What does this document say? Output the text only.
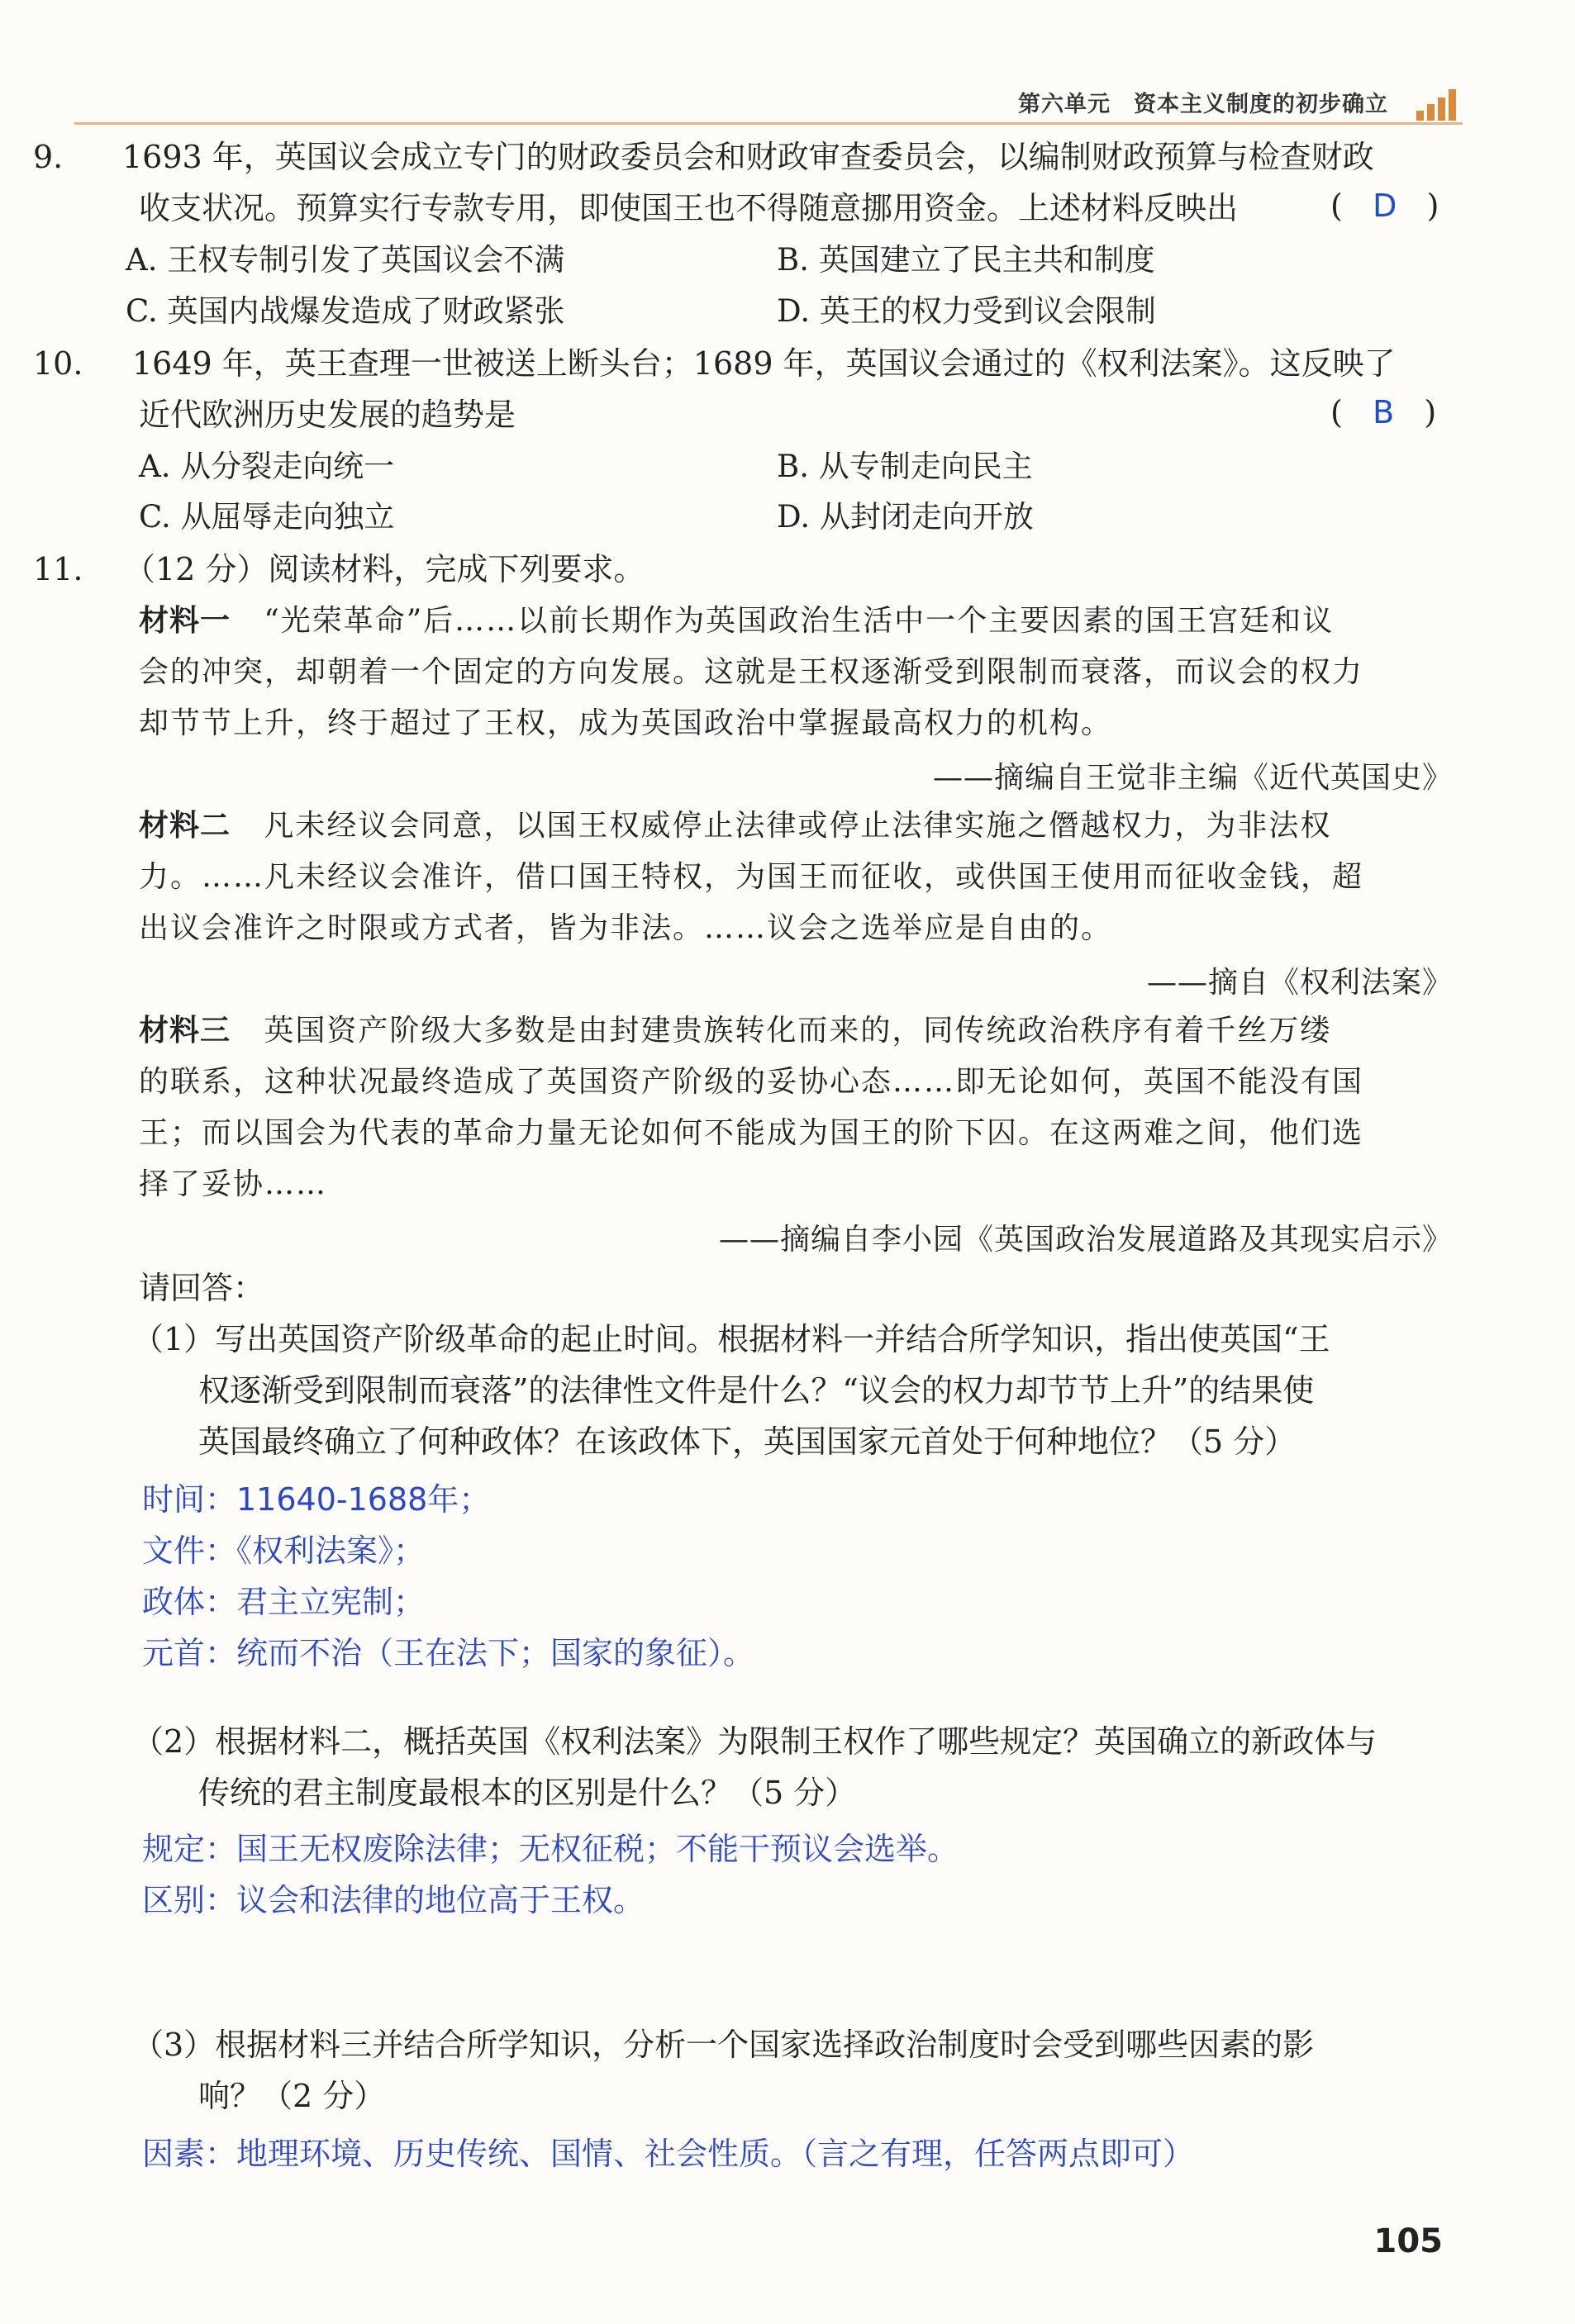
第六单元　资本主义制度的初步确立
9. 1693 年，英国议会成立专门的财政委员会和财政审查委员会，以编制财政预算与检查财政
收支状况。预算实行专款专用，即使国王也不得随意挪用资金。上述材料反映出	(   D   )
A. 王权专制引发了英国议会不满	B. 英国建立了民主共和制度
C. 英国内战爆发造成了财政紧张	D. 英王的权力受到议会限制
10. 1649 年，英王查理一世被送上断头台；1689 年，英国议会通过的《权利法案》。这反映了
近代欧洲历史发展的趋势是	(   B   )
A. 从分裂走向统一	B. 从专制走向民主
C. 从屈辱走向独立	D. 从封闭走向开放
11. （12 分）阅读材料，完成下列要求。
材料一 “光荣革命”后……以前长期作为英国政治生活中一个主要因素的国王宫廷和议
会的冲突，却朝着一个固定的方向发展。这就是王权逐渐受到限制而衰落，而议会的权力
却节节上升，终于超过了王权，成为英国政治中掌握最高权力的机构。
——摘编自王觉非主编《近代英国史》
材料二 凡未经议会同意，以国王权威停止法律或停止法律实施之僭越权力，为非法权
力。……凡未经议会准许，借口国王特权，为国王而征收，或供国王使用而征收金钱，超
出议会准许之时限或方式者，皆为非法。……议会之选举应是自由的。
——摘自《权利法案》
材料三 英国资产阶级大多数是由封建贵族转化而来的，同传统政治秩序有着千丝万缕
的联系，这种状况最终造成了英国资产阶级的妥协心态……即无论如何，英国不能没有国
王；而以国会为代表的革命力量无论如何不能成为国王的阶下囚。在这两难之间，他们选
择了妥协……
——摘编自李小园《英国政治发展道路及其现实启示》
请回答：
（1）写出英国资产阶级革命的起止时间。根据材料一并结合所学知识，指出使英国“王
权逐渐受到限制而衰落”的法律性文件是什么？“议会的权力却节节上升”的结果使
英国最终确立了何种政体？在该政体下，英国国家元首处于何种地位？（5 分）
时间：11640-1688年；
文件：《权利法案》；
政体：君主立宪制；
元首：统而不治（王在法下；国家的象征）。
（2）根据材料二，概括英国《权利法案》为限制王权作了哪些规定？英国确立的新政体与
传统的君主制度最根本的区别是什么？（5 分）
规定：国王无权废除法律；无权征税；不能干预议会选举。
区别：议会和法律的地位高于王权。
（3）根据材料三并结合所学知识，分析一个国家选择政治制度时会受到哪些因素的影
响？（2 分）
因素：地理环境、历史传统、国情、社会性质。（言之有理，任答两点即可）
105
